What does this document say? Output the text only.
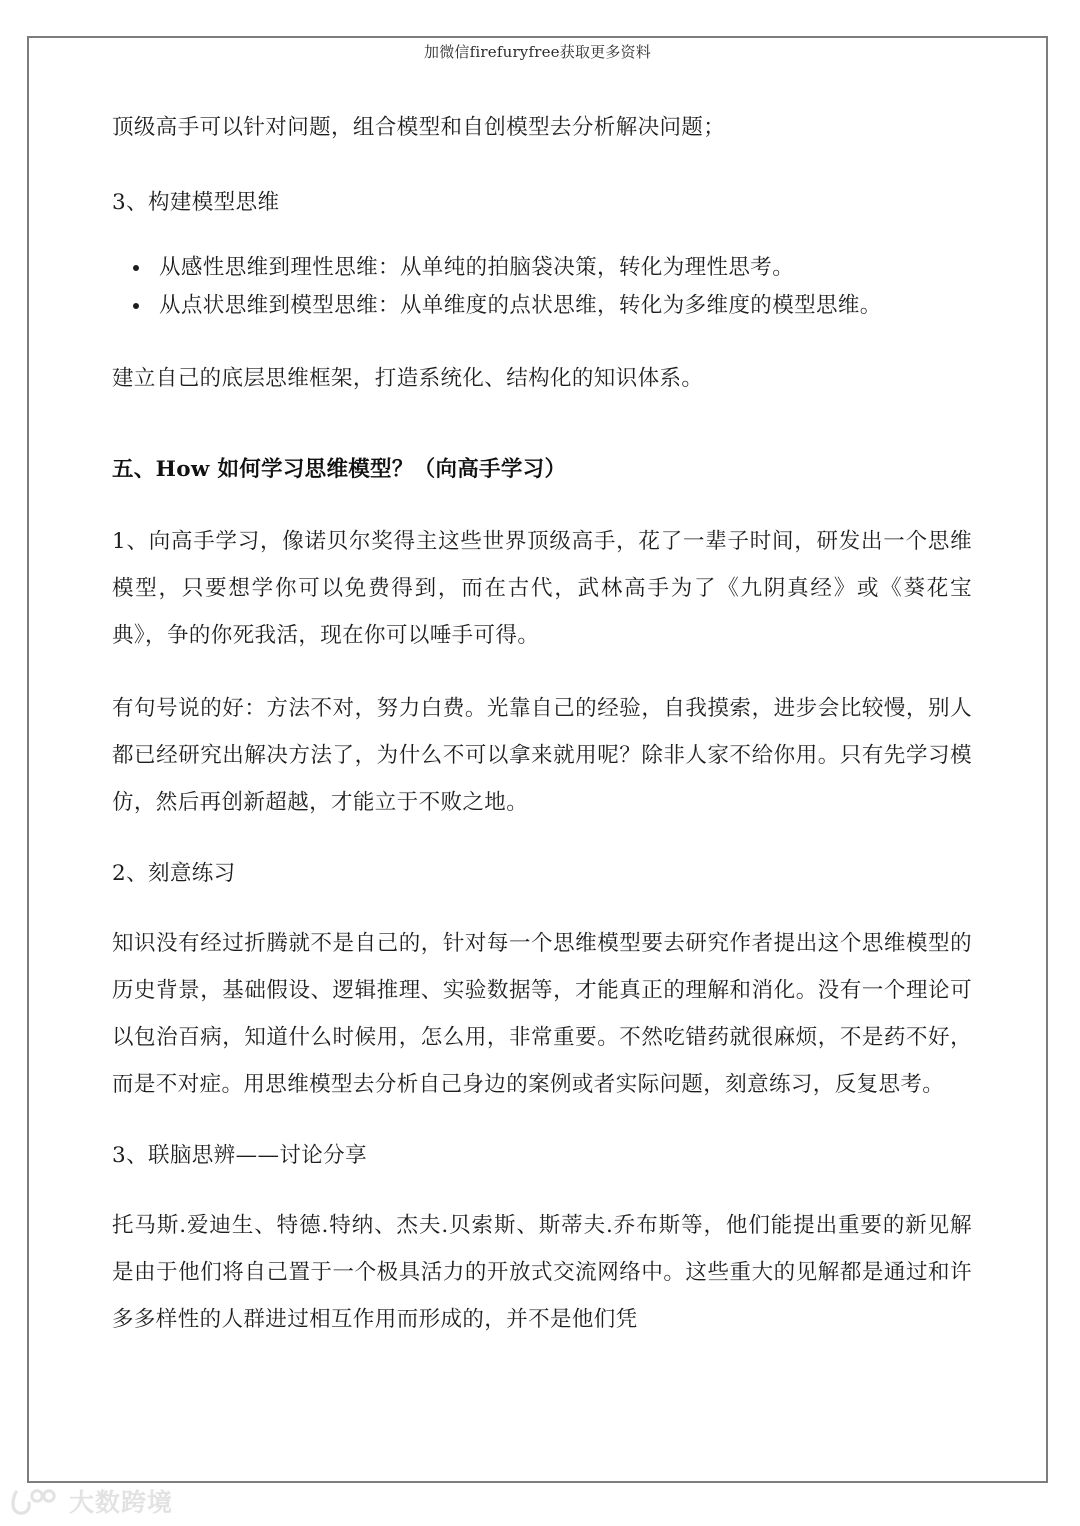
加微信firefuryfree获取更多资料

顶级高手可以针对问题，组合模型和自创模型去分析解决问题；

3、构建模型思维

从感性思维到理性思维：从单纯的拍脑袋决策，转化为理性思考。
从点状思维到模型思维：从单维度的点状思维，转化为多维度的模型思维。

建立自己的底层思维框架，打造系统化、结构化的知识体系。

五、How 如何学习思维模型？（向高手学习）

1、向高手学习，像诺贝尔奖得主这些世界顶级高手，花了一辈子时间，研发出一个思维模型，只要想学你可以免费得到，而在古代，武林高手为了《九阴真经》或《葵花宝典》，争的你死我活，现在你可以唾手可得。

有句号说的好：方法不对，努力白费。光靠自己的经验，自我摸索，进步会比较慢，别人都已经研究出解决方法了，为什么不可以拿来就用呢？除非人家不给你用。只有先学习模仿，然后再创新超越，才能立于不败之地。

2、刻意练习

知识没有经过折腾就不是自己的，针对每一个思维模型要去研究作者提出这个思维模型的历史背景，基础假设、逻辑推理、实验数据等，才能真正的理解和消化。没有一个理论可以包治百病，知道什么时候用，怎么用，非常重要。不然吃错药就很麻烦，不是药不好，而是不对症。用思维模型去分析自己身边的案例或者实际问题，刻意练习，反复思考。

3、联脑思辨——讨论分享

托马斯.爱迪生、特德.特纳、杰夫.贝索斯、斯蒂夫.乔布斯等，他们能提出重要的新见解是由于他们将自己置于一个极具活力的开放式交流网络中。这些重大的见解都是通过和许多多样性的人群进过相互作用而形成的，并不是他们凭

大数跨境
